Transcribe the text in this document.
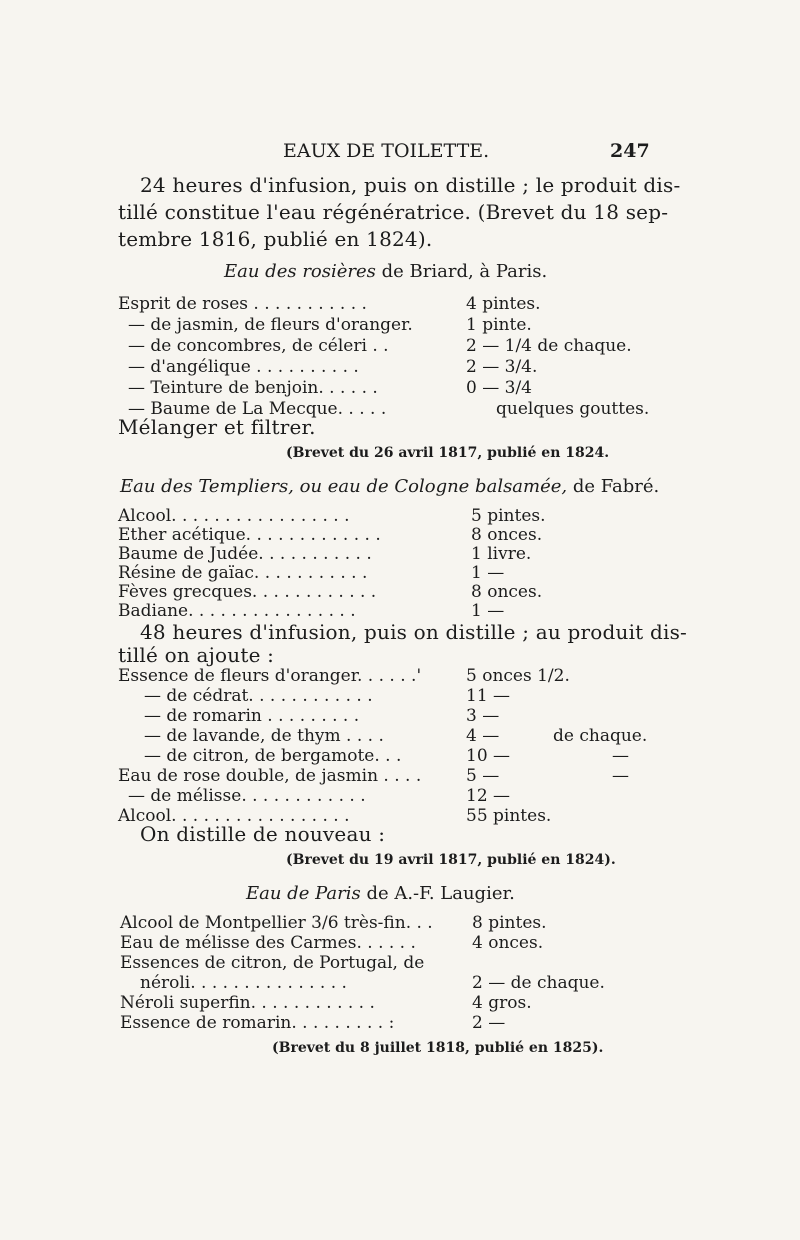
EAUX DE TOILETTE.	247
24 heures d'infusion, puis on distille ; le produit dis-
tillé constitue l'eau régénératrice. (Brevet du 18 sep-
tembre 1816, publié en 1824).
Eau des rosières de Briard, à Paris.
Esprit de roses . . . . . . . . . . .	4 pintes.
— de jasmin, de fleurs d'oranger.	1 pinte.
— de concombres, de céleri . .	2 — 1/4 de chaque.
— d'angélique . . . . . . . . . .	2 — 3/4.
— Teinture de benjoin. . . . . .	0 — 3/4
— Baume de La Mecque. . . . .	quelques gouttes.
Mélanger et filtrer.
(Brevet du 26 avril 1817, publié en 1824.
Eau des Templiers, ou eau de Cologne balsamée, de Fabré.
Alcool. . . . . . . . . . . . . . . . .	5 pintes.
Ether acétique. . . . . . . . . . . . .	8 onces.
Baume de Judée. . . . . . . . . . .	1 livre.
Résine de gaïac. . . . . . . . . . .	1 —
Fèves grecques. . . . . . . . . . . .	8 onces.
Badiane. . . . . . . . . . . . . . . .	1 —
48 heures d'infusion, puis on distille ; au produit dis-
tillé on ajoute :
Essence de fleurs d'oranger. . . . . .'	5 onces 1/2.
— de cédrat. . . . . . . . . . . .	11 —
— de romarin . . . . . . . . .	3 —
— de lavande, de thym . . . .	4 —	de chaque.
— de citron, de bergamote. . .	10 —	—
Eau de rose double, de jasmin . . . .	5 —	—
— de mélisse. . . . . . . . . . . .	12 —
Alcool. . . . . . . . . . . . . . . . .	55 pintes.
On distille de nouveau :
(Brevet du 19 avril 1817, publié en 1824).
Eau de Paris de A.-F. Laugier.
Alcool de Montpellier 3/6 très-fin. . . 8 pintes.
Eau de mélisse des Carmes. . . . . .	4 onces.
Essences de citron, de Portugal, de
néroli. . . . . . . . . . . . . . .	2 — de chaque.
Néroli superfin. . . . . . . . . . . .	4 gros.
Essence de romarin. . . . . . . . . :	2 —
(Brevet du 8 juillet 1818, publié en 1825).
